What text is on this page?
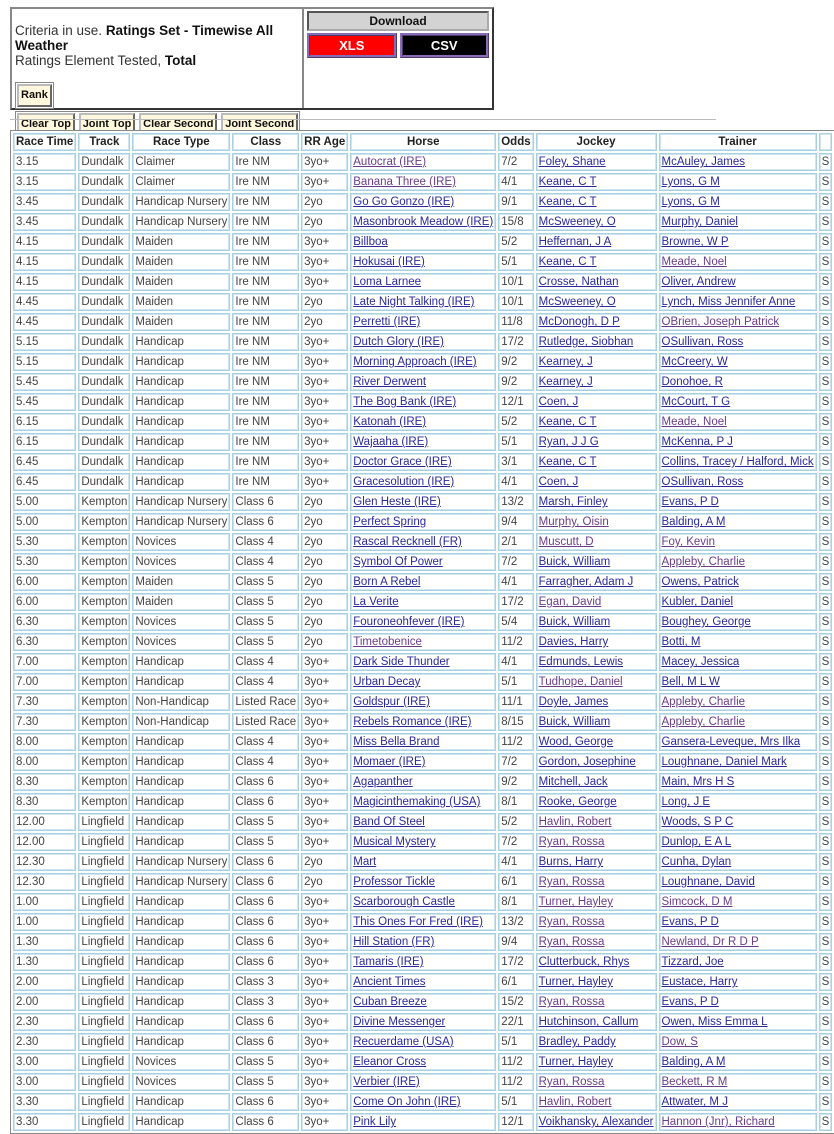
Criteria in use. Ratings Set - Timewise All Weather
Ratings Element Tested, Total
Rank
Clear Top Joint Top Clear Second Joint Second
Download
XLS	CSV
Race Time	Track	Race Type	Class	RR Age	Horse	Odds	Jockey	Trainer	
3.15	Dundalk	Claimer	Ire NM	3yo+	Autocrat (IRE)	7/2	Foley, Shane	McAuley, James	S
3.15	Dundalk	Claimer	Ire NM	3yo+	Banana Three (IRE)	4/1	Keane, C T	Lyons, G M	S
3.45	Dundalk	Handicap Nursery	Ire NM	2yo	Go Go Gonzo (IRE)	9/1	Keane, C T	Lyons, G M	S
3.45	Dundalk	Handicap Nursery	Ire NM	2yo	Masonbrook Meadow (IRE)	15/8	McSweeney, O	Murphy, Daniel	S
4.15	Dundalk	Maiden	Ire NM	3yo+	Billboa	5/2	Heffernan, J A	Browne, W P	S
4.15	Dundalk	Maiden	Ire NM	3yo+	Hokusai (IRE)	5/1	Keane, C T	Meade, Noel	S
4.15	Dundalk	Maiden	Ire NM	3yo+	Loma Larnee	10/1	Crosse, Nathan	Oliver, Andrew	S
4.45	Dundalk	Maiden	Ire NM	2yo	Late Night Talking (IRE)	10/1	McSweeney, O	Lynch, Miss Jennifer Anne	S
4.45	Dundalk	Maiden	Ire NM	2yo	Perretti (IRE)	11/8	McDonogh, D P	OBrien, Joseph Patrick	S
5.15	Dundalk	Handicap	Ire NM	3yo+	Dutch Glory (IRE)	17/2	Rutledge, Siobhan	OSullivan, Ross	S
5.15	Dundalk	Handicap	Ire NM	3yo+	Morning Approach (IRE)	9/2	Kearney, J	McCreery, W	S
5.45	Dundalk	Handicap	Ire NM	3yo+	River Derwent	9/2	Kearney, J	Donohoe, R	S
5.45	Dundalk	Handicap	Ire NM	3yo+	The Bog Bank (IRE)	12/1	Coen, J	McCourt, T G	S
6.15	Dundalk	Handicap	Ire NM	3yo+	Katonah (IRE)	5/2	Keane, C T	Meade, Noel	S
6.15	Dundalk	Handicap	Ire NM	3yo+	Wajaaha (IRE)	5/1	Ryan, J J G	McKenna, P J	S
6.45	Dundalk	Handicap	Ire NM	3yo+	Doctor Grace (IRE)	3/1	Keane, C T	Collins, Tracey / Halford, Mick	S
6.45	Dundalk	Handicap	Ire NM	3yo+	Gracesolution (IRE)	4/1	Coen, J	OSullivan, Ross	S
5.00	Kempton	Handicap Nursery	Class 6	2yo	Glen Heste (IRE)	13/2	Marsh, Finley	Evans, P D	S
5.00	Kempton	Handicap Nursery	Class 6	2yo	Perfect Spring	9/4	Murphy, Oisin	Balding, A M	S
5.30	Kempton	Novices	Class 4	2yo	Rascal Recknell (FR)	2/1	Muscutt, D	Foy, Kevin	S
5.30	Kempton	Novices	Class 4	2yo	Symbol Of Power	7/2	Buick, William	Appleby, Charlie	S
6.00	Kempton	Maiden	Class 5	2yo	Born A Rebel	4/1	Farragher, Adam J	Owens, Patrick	S
6.00	Kempton	Maiden	Class 5	2yo	La Verite	17/2	Egan, David	Kubler, Daniel	S
6.30	Kempton	Novices	Class 5	2yo	Fouroneohfever (IRE)	5/4	Buick, William	Boughey, George	S
6.30	Kempton	Novices	Class 5	2yo	Timetobenice	11/2	Davies, Harry	Botti, M	S
7.00	Kempton	Handicap	Class 4	3yo+	Dark Side Thunder	4/1	Edmunds, Lewis	Macey, Jessica	S
7.00	Kempton	Handicap	Class 4	3yo+	Urban Decay	5/1	Tudhope, Daniel	Bell, M L W	S
7.30	Kempton	Non-Handicap	Listed Race	3yo+	Goldspur (IRE)	11/1	Doyle, James	Appleby, Charlie	S
7.30	Kempton	Non-Handicap	Listed Race	3yo+	Rebels Romance (IRE)	8/15	Buick, William	Appleby, Charlie	S
8.00	Kempton	Handicap	Class 4	3yo+	Miss Bella Brand	11/2	Wood, George	Gansera-Leveque, Mrs Ilka	S
8.00	Kempton	Handicap	Class 4	3yo+	Momaer (IRE)	7/2	Gordon, Josephine	Loughnane, Daniel Mark	S
8.30	Kempton	Handicap	Class 6	3yo+	Agapanther	9/2	Mitchell, Jack	Main, Mrs H S	S
8.30	Kempton	Handicap	Class 6	3yo+	Magicinthemaking (USA)	8/1	Rooke, George	Long, J E	S
12.00	Lingfield	Handicap	Class 5	3yo+	Band Of Steel	5/2	Havlin, Robert	Woods, S P C	S
12.00	Lingfield	Handicap	Class 5	3yo+	Musical Mystery	7/2	Ryan, Rossa	Dunlop, E A L	S
12.30	Lingfield	Handicap Nursery	Class 6	2yo	Mart	4/1	Burns, Harry	Cunha, Dylan	S
12.30	Lingfield	Handicap Nursery	Class 6	2yo	Professor Tickle	6/1	Ryan, Rossa	Loughnane, David	S
1.00	Lingfield	Handicap	Class 6	3yo+	Scarborough Castle	8/1	Turner, Hayley	Simcock, D M	S
1.00	Lingfield	Handicap	Class 6	3yo+	This Ones For Fred (IRE)	13/2	Ryan, Rossa	Evans, P D	S
1.30	Lingfield	Handicap	Class 6	3yo+	Hill Station (FR)	9/4	Ryan, Rossa	Newland, Dr R D P	S
1.30	Lingfield	Handicap	Class 6	3yo+	Tamaris (IRE)	17/2	Clutterbuck, Rhys	Tizzard, Joe	S
2.00	Lingfield	Handicap	Class 3	3yo+	Ancient Times	6/1	Turner, Hayley	Eustace, Harry	S
2.00	Lingfield	Handicap	Class 3	3yo+	Cuban Breeze	15/2	Ryan, Rossa	Evans, P D	S
2.30	Lingfield	Handicap	Class 6	3yo+	Divine Messenger	22/1	Hutchinson, Callum	Owen, Miss Emma L	S
2.30	Lingfield	Handicap	Class 6	3yo+	Recuerdame (USA)	5/1	Bradley, Paddy	Dow, S	S
3.00	Lingfield	Novices	Class 5	3yo+	Eleanor Cross	11/2	Turner, Hayley	Balding, A M	S
3.00	Lingfield	Novices	Class 5	3yo+	Verbier (IRE)	11/2	Ryan, Rossa	Beckett, R M	S
3.30	Lingfield	Handicap	Class 6	3yo+	Come On John (IRE)	5/1	Havlin, Robert	Attwater, M J	S
3.30	Lingfield	Handicap	Class 6	3yo+	Pink Lily	12/1	Voikhansky, Alexander	Hannon (Jnr), Richard	S
